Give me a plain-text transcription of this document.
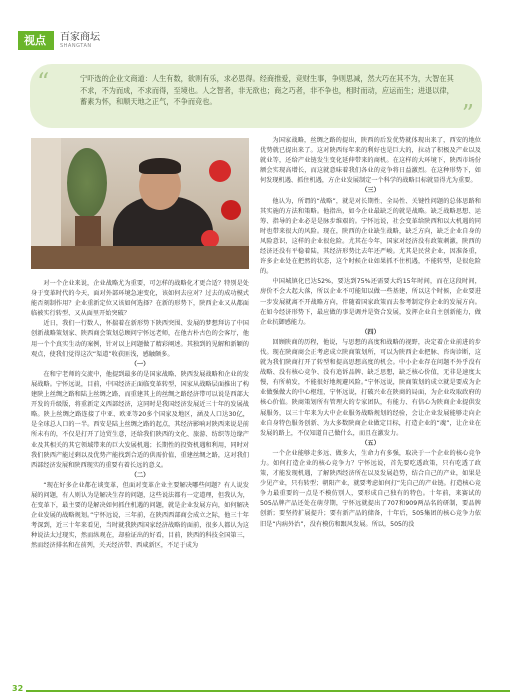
视点	百家商坛
SHANGTAN
“	宁吓选的企业文商道：人生有数，欲则有乐，求必思得。经商推爱，竞财生事，争则思减，然大巧在其不为，大智在其不求，不为而成，不求而得，至境也。人之智者，非无欲也；商之巧者，非不争也，相时而动，应运而生；进退以律，蓄素为怀，和顺天地之正气，不争而竞也。	”

对一个企业来说，企业战略尤为重要，可怎样的战略化才更合适？特别是处身于变革时代的今天，面对外部环境急速变化，该如何去应对？过去的成功模式能否刻制作用？企业重新定位又该如何选择？在新的形势下，陕西企业又从都面临被实行转型、又从面里开始突破？

近日，我们一行数人，怀揣着在新形势下陕西突围、发展的梦想拜访了中国创新战略策划家、陕西商会策划总顾问宁怀远老师，在他古朴古色的会客厅，他用一个个真实生动的案例，针对以上问题做了精彩阐述。其独到的见解和新颖的观点，使我们觉得这次“渠道”收获匪浅，感触颇多。

（一）

在和宁老师的交流中，他提到最多的是国家战略、陕西发展战略和企业的发展战略。宁怀远说，目前，中国经济正面临变革转型，国家从战略层面推出了构建陕上丝绸之路和陆上丝绸之路，而重建其上的丝绸之路经济带可以说是西部大开发的升级版，将重新定义西部经济，这同时是我国经济发展近三十年的发展战略。陕上丝绸之路连接了中亚、欧亚等20多个国家及地区，涵及人口达30亿，是全球总人口的一半。西安是陆上丝绸之路的起点，其经济影响对陕西来说是前所未有的，不仅是打开了边贸生意，还给我们陕西的文化、旅游、纺织等边缘产业及其相关的其它领域带来的巨大发展机遇；长期性的投资机遇和利用，同时对我们陕西产能过剩以及优势产能找到合适的供需价值，重建丝绸之路，这对我们西部经济发展和陕西现实的重要有着长远的意义。

（二）

“现在好多企业都在谈变革，但面对变革企业主要解决哪些问题？有人说发展的问题，有人则认为是解决生存的问题，这些说法都有一定道理，但我认为，在变革下，最主要的是解决如何抓住机遇的问题，就是企业发展方向，如何解决企业发展的战略规划。”宁怀远说，三年前，在陕西西部商会成立之际，他三十年考深到，近三十年来看见，当时就我陕西国家经济战略的面前，很多人都认为这种说法太过现实，然而纵观在，却验证出的好看，目前，陕西的科技全国第三，然而经济排名和在前列，关天经济带、西咸新区，不足于成为

为国家战略，丝绸之路的提出，陕西的后发优势就体现出来了，西安的地位优势就已提出来了。这对陕西每年来的利好也是巨大的，拉动了积极及产业以及就业等，还给产业链发生变化延伸带来的商机。在这样的大环境下，陕西市场份额会实现高增长，而这就意味着我们各业的竞争将日益激烈。在这种形势下，如何发现机遇、抓住机遇，方企业发展制定一个科学的战略目标就显得尤为重要。

（三）

他认为，所谓的“战略”，就是对长期性、全局性、关键性问题的总体思路和其实施的方法和策略。他指出，如今企业最缺乏的就是战略。缺乏战略思想、运筹、指导的企业必是是脉步维艰的。宁怀远说，社会变革给陕西和以大机遇的同时也带来很大的风险。现在，陕西的企业缺生战略，缺乏方向，缺乏企业自身的风险意识，这样的企业很危险。尤其在今年，国家对经济没有政策刺激，陕西的经济还没有平稳着陆，其经济形势比去年还严峻。尤其是民营企业，因准备重，许多企业处在把然的状态，这个时候企业如果抓不住机遇，不能转型，是很危险的。

中国城镇化已达52%，要达到75%还需要大约15年时间，而在这段时间，房价不会大起大落，所以企业不可能知以做一些基建，所以这个时候，企业要进一步发展就离不开战略方向，伴随着国家政策而去参考制定你企业的发展方向。在如今经济形势下，最应做的事是调并是资合发展，发挥企业自主创新能力，做企业抗御感能力。

（四）

回顾陕商的历程，他说，与思想的高度和战略的视野，决定着企业前进的步伐。现在陕商商会正考虑成立陕商策划所，可以为陕西企业把脉、咨询诊断，这就为我们陕商打开了转型和提高思想高度的机会。中小企业存在问题不外乎没有战略、没有核心竞争、没有追诉品牌、缺乏思想，缺乏核心价值，无非是速度太慢，有所萌发，不能很好地规避风险。”宁怀远说，陕商策划的成立就是要成为企业做强做大的中心枢纽，宁怀远说，打破兴业在陕商的局面，为企业攻取政府的核心价值。陕商策划所有管理大的专家团队，有能力、有信心为陕商企业提供发展服务，以三十年来为大中企业服务战略规划的经验，会让企业发展能够走向企业自身特色服务创新、为大多数陕商企业做定目标，打造企业的“魂”，让企业在发展的路上，不仅知道自己做什么，而且在激发力。

（五）

一个企业能够走多远、做多大，生命力有多强，取决于一个企业的核心竞争力。如何打造企业的核心竞争力？宁怀远说，首先要吃透政策，只有吃透了政策，才能发现机遇，了解陕西经济所在以及发展趋势，结合自己的产业，如果是少见产业，只有转型；朝阳产业，就要考虑如何打“先自己的产业链。打造核心竞争力最重要的一点是不模仿别人，要形成自己独有的特色。十年前，来赛试的505品牌产品还处在萌芽期，宁怀远就提出了707和909两品名的研制，要品牌创新；要坚持扩展提升；要有新产品的储备，十年后，505集团的核心竞争力依旧是“内病外治”，没有模仿和跟风发展。所以，505的没

32
